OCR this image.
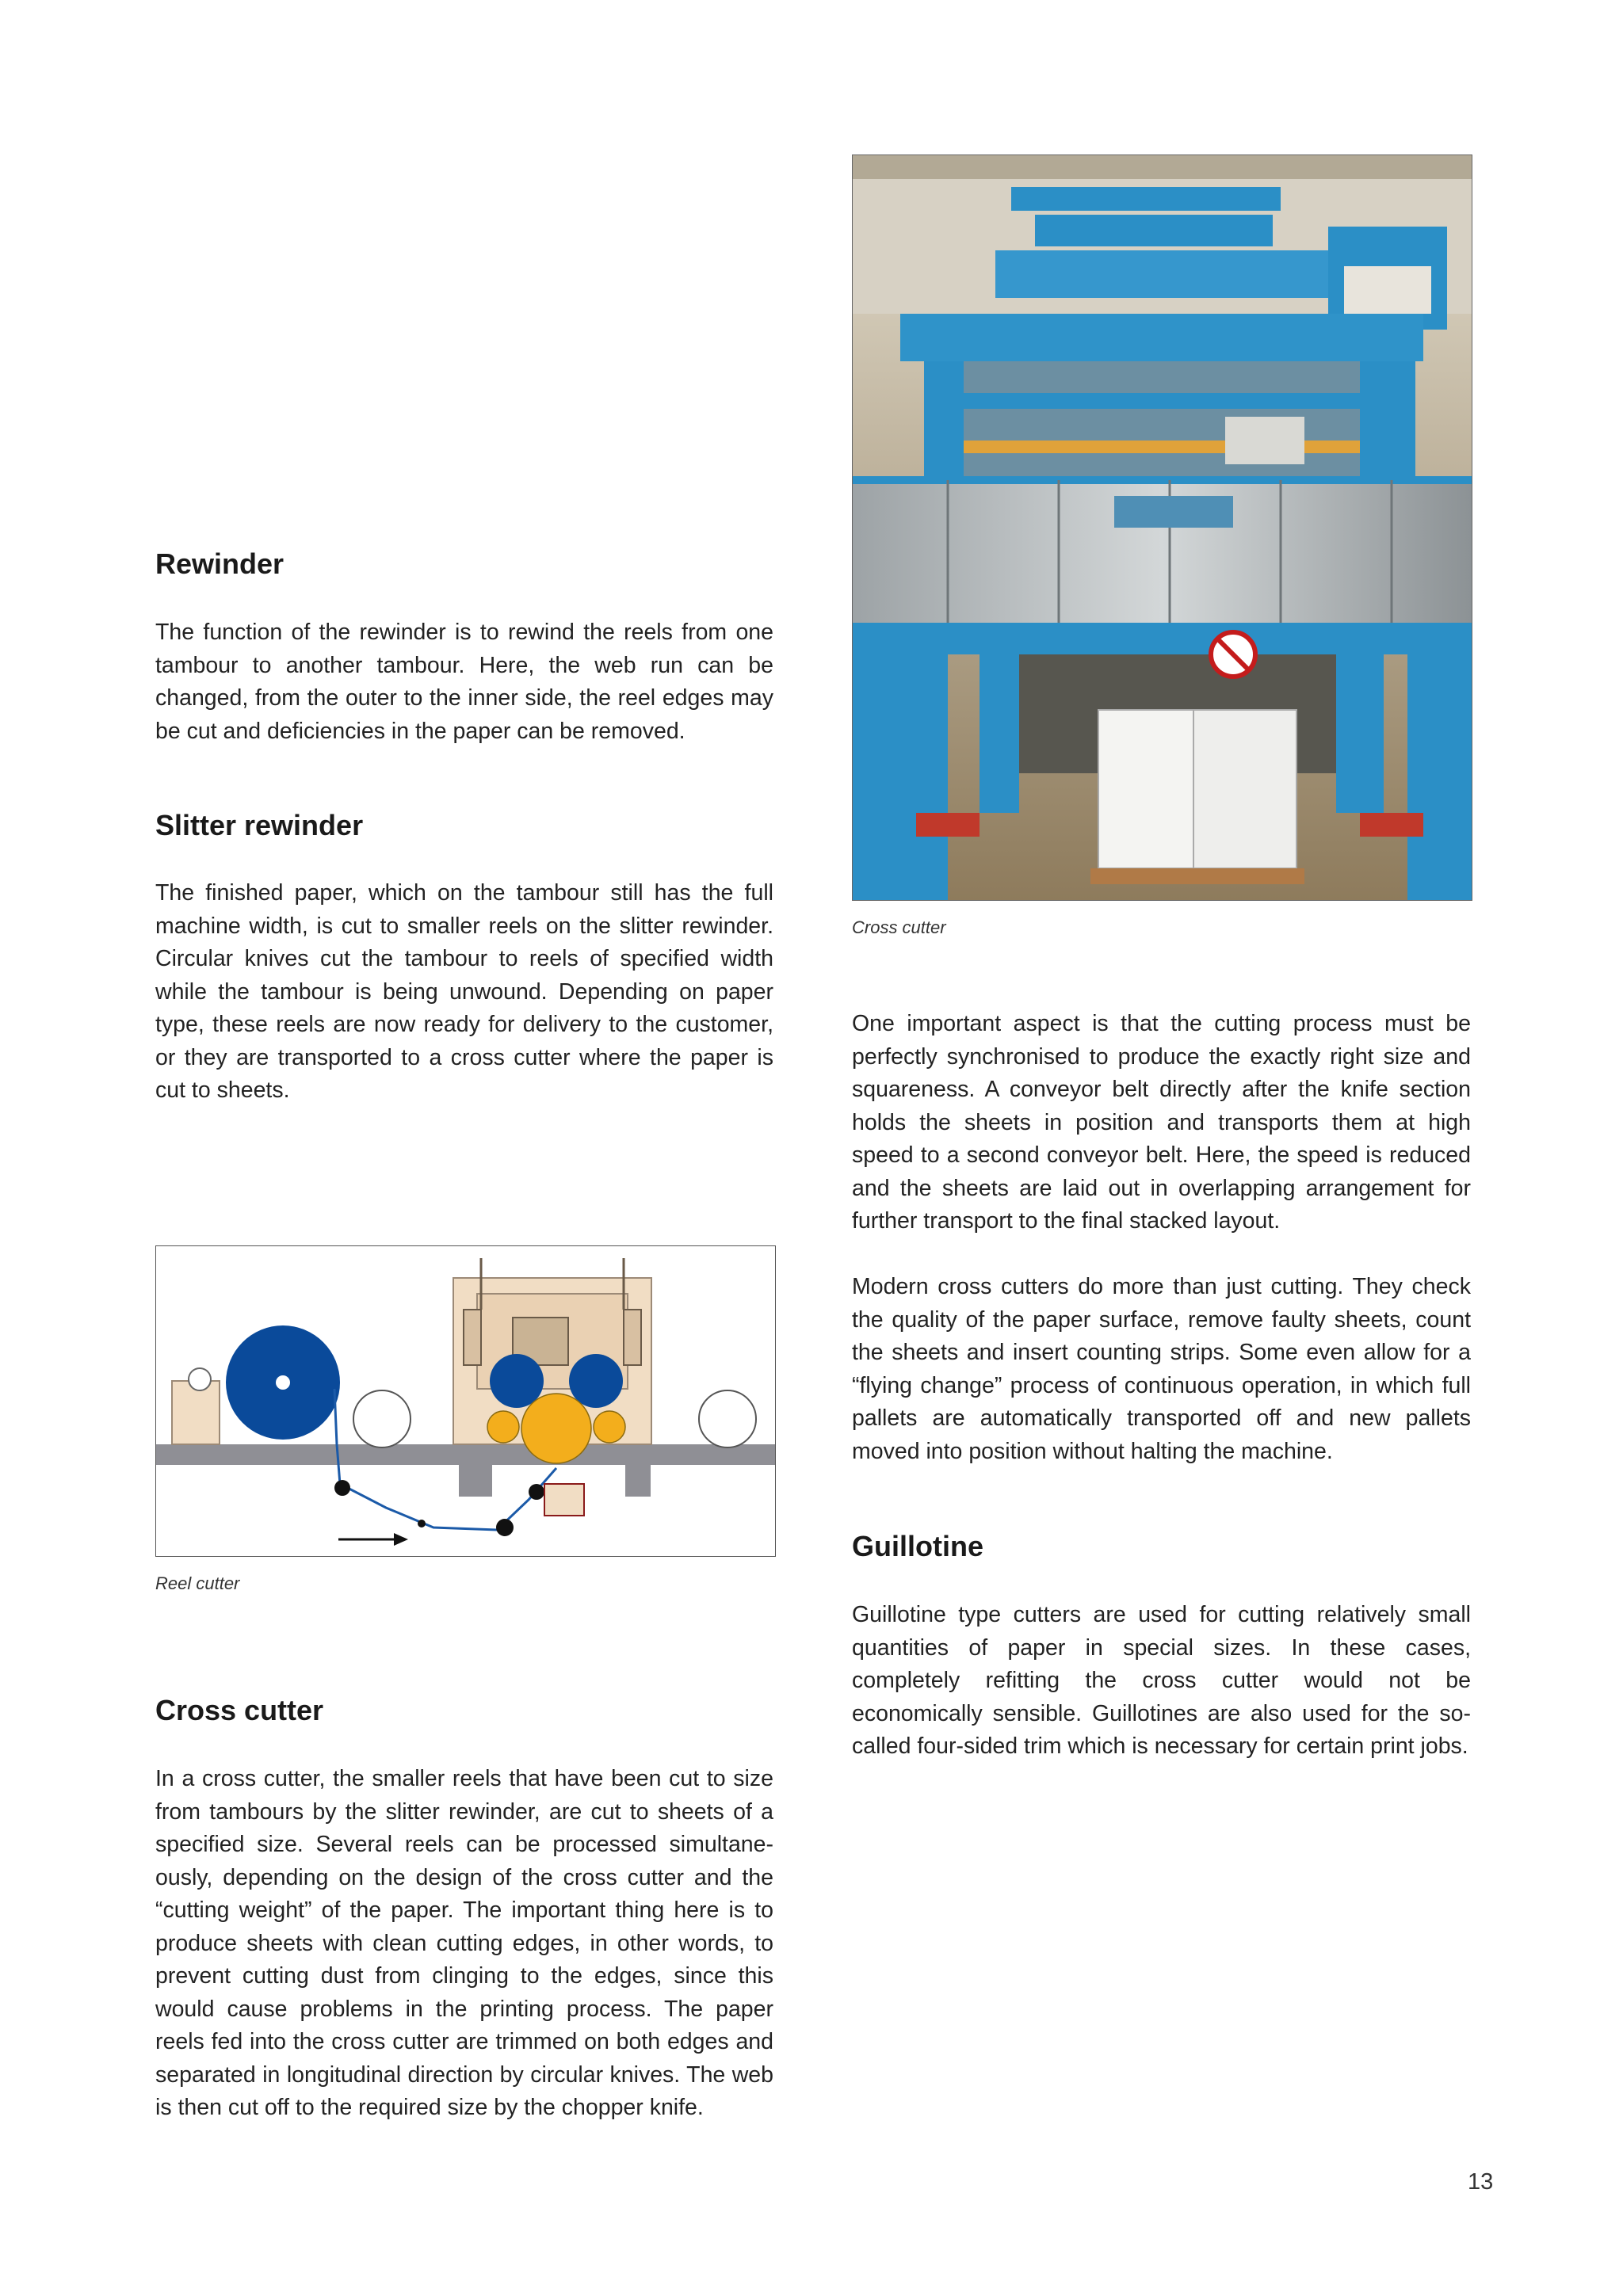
Rewinder

The function of the rewinder is to rewind the reels from one tambour to another tambour. Here, the web run can be changed, from the outer to the inner side, the reel edges may be cut and deficiencies in the paper can be removed.

Slitter rewinder

The finished paper, which on the tambour still has the full machine width, is cut to smaller reels on the slitter rewinder. Circular knives cut the tambour to reels of specified width while the tambour is being unwound. Depending on paper type, these reels are now ready for delivery to the customer, or they are transported to a cross cutter where the paper is cut to sheets.

Reel cutter

Cross cutter

In a cross cutter, the smaller reels that have been cut to size from tambours by the slitter rewinder, are cut to sheets of a specified size. Several reels can be processed simultane-ously, depending on the design of the cross cutter and the “cutting weight” of the paper. The important thing here is to produce sheets with clean cutting edges, in other words, to prevent cutting dust from clinging to the edges, since this would cause problems in the printing process. The paper reels fed into the cross cutter are trimmed on both edges and separated in longitudinal direction by circular knives. The web is then cut off to the required size by the chopper knife.

Cross cutter

One important aspect is that the cutting process must be perfectly synchronised to produce the exactly right size and squareness. A conveyor belt directly after the knife section holds the sheets in position and transports them at high speed to a second conveyor belt. Here, the speed is reduced and the sheets are laid out in overlapping arrangement for further transport to the final stacked layout.

Modern cross cutters do more than just cutting. They check the quality of the paper surface, remove faulty sheets, count the sheets and insert counting strips. Some even allow for a “flying change” process of continuous operation, in which full pallets are automatically transported off and new pallets moved into position without halting the machine.

Guillotine

Guillotine type cutters are used for cutting relatively small quantities of paper in special sizes. In these cases, completely refitting the cross cutter would not be economically sensible. Guillotines are also used for the so-called four-sided trim which is necessary for certain print jobs.

13
